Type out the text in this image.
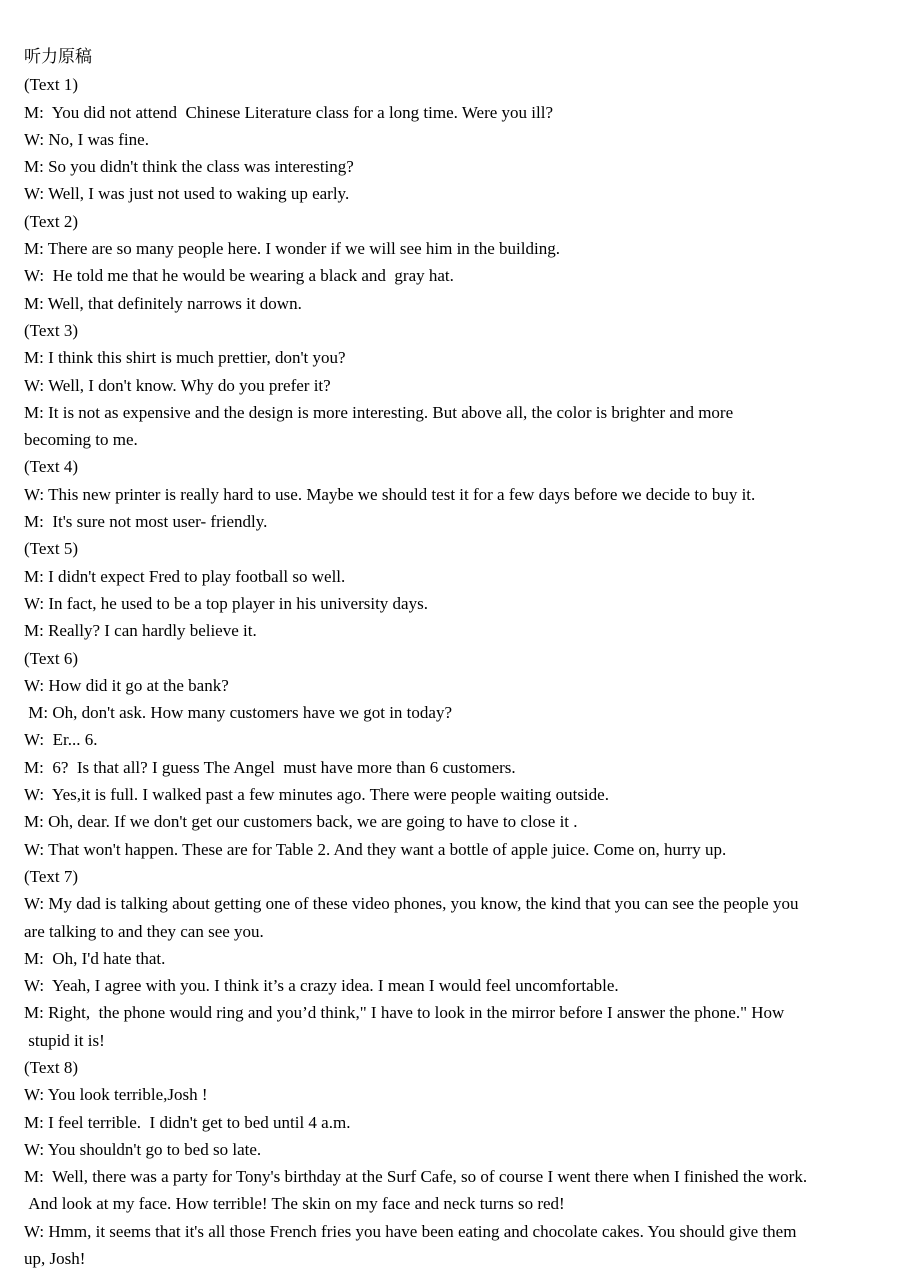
听力原稿

(Text 1)

M:  You did not attend  Chinese Literature class for a long time. Were you ill?

W: No, I was fine.

M: So you didn't think the class was interesting?

W: Well, I was just not used to waking up early.

(Text 2)

M: There are so many people here. I wonder if we will see him in the building.

W:  He told me that he would be wearing a black and  gray hat.

M: Well, that definitely narrows it down.

(Text 3)

M: I think this shirt is much prettier, don't you?

W: Well, I don't know. Why do you prefer it?

M: It is not as expensive and the design is more interesting. But above all, the color is brighter and more

becoming to me.

(Text 4)

W: This new printer is really hard to use. Maybe we should test it for a few days before we decide to buy it.

M:  It's sure not most user- friendly.

(Text 5)

M: I didn't expect Fred to play football so well.

W: In fact, he used to be a top player in his university days.

M: Really? I can hardly believe it.

(Text 6)

W: How did it go at the bank?

M: Oh, don't ask. How many customers have we got in today?

W:  Er... 6.

M:  6?  Is that all? I guess The Angel  must have more than 6 customers.

W:  Yes,it is full. I walked past a few minutes ago. There were people waiting outside.

M: Oh, dear. If we don't get our customers back, we are going to have to close it .

W: That won't happen. These are for Table 2. And they want a bottle of apple juice. Come on, hurry up.

(Text 7)

W: My dad is talking about getting one of these video phones, you know, the kind that you can see the people you

are talking to and they can see you.

M:  Oh, I'd hate that.

W:  Yeah, I agree with you. I think it’s a crazy idea. I mean I would feel uncomfortable.

M: Right,  the phone would ring and you’d think," I have to look in the mirror before I answer the phone." How

stupid it is!

(Text 8)

W: You look terrible,Josh !

M: I feel terrible.  I didn't get to bed until 4 a.m.

W: You shouldn't go to bed so late.

M:  Well, there was a party for Tony's birthday at the Surf Cafe, so of course I went there when I finished the work.

And look at my face. How terrible! The skin on my face and neck turns so red!

W: Hmm, it seems that it's all those French fries you have been eating and chocolate cakes. You should give them

up, Josh!
